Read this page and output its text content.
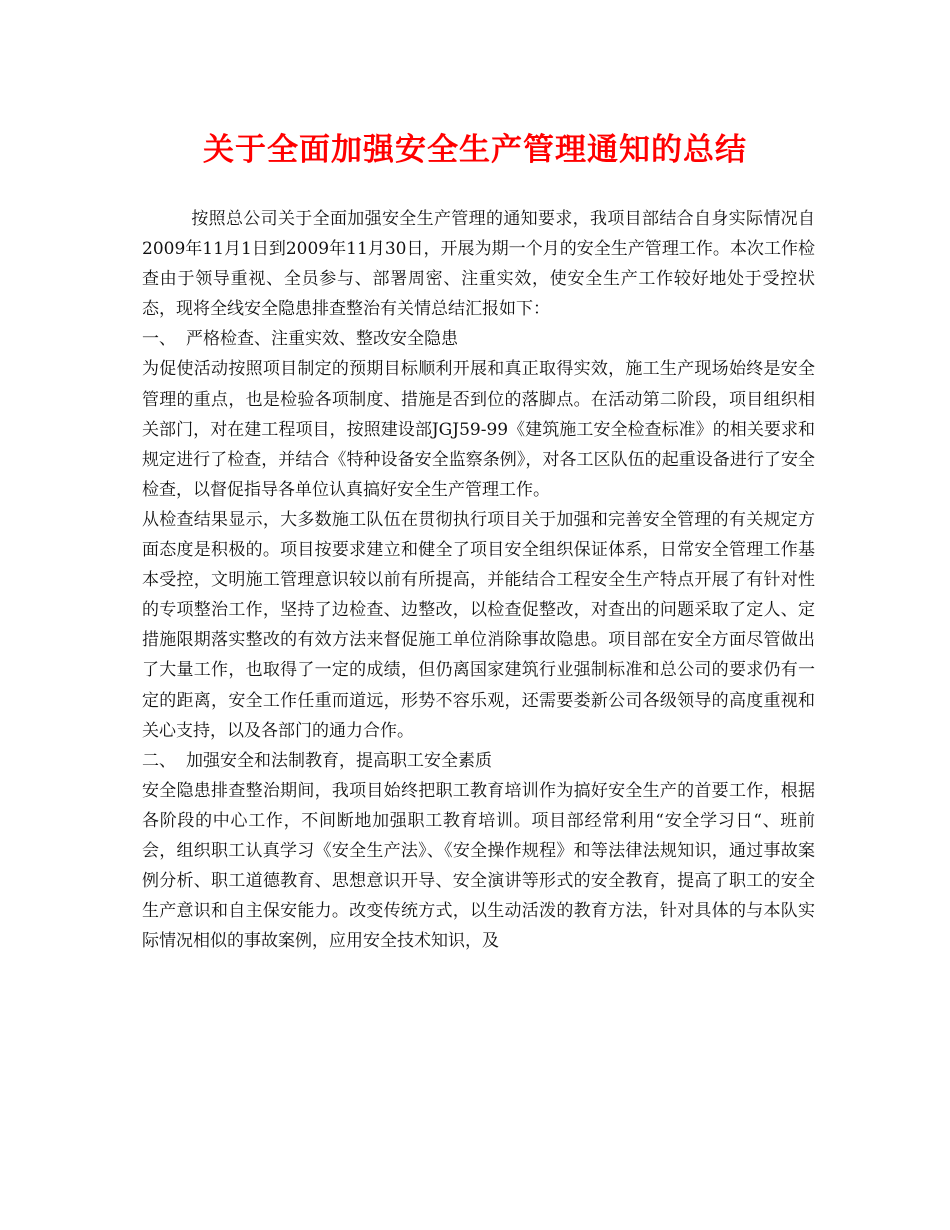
关于全面加强安全生产管理通知的总结

按照总公司关于全面加强安全生产管理的通知要求，我项目部结合自身实际情况自2009年11月1日到2009年11月30日，开展为期一个月的安全生产管理工作。本次工作检查由于领导重视、全员参与、部署周密、注重实效，使安全生产工作较好地处于受控状态，现将全线安全隐患排查整治有关情总结汇报如下：

一、 严格检查、注重实效、整改安全隐患

为促使活动按照项目制定的预期目标顺利开展和真正取得实效，施工生产现场始终是安全管理的重点，也是检验各项制度、措施是否到位的落脚点。在活动第二阶段，项目组织相关部门，对在建工程项目，按照建设部JGJ59-99《建筑施工安全检查标准》的相关要求和规定进行了检查，并结合《特种设备安全监察条例》，对各工区队伍的起重设备进行了安全检查，以督促指导各单位认真搞好安全生产管理工作。

从检查结果显示，大多数施工队伍在贯彻执行项目关于加强和完善安全管理的有关规定方面态度是积极的。项目按要求建立和健全了项目安全组织保证体系，日常安全管理工作基本受控，文明施工管理意识较以前有所提高，并能结合工程安全生产特点开展了有针对性的专项整治工作，坚持了边检查、边整改，以检查促整改，对查出的问题采取了定人、定措施限期落实整改的有效方法来督促施工单位消除事故隐患。项目部在安全方面尽管做出了大量工作，也取得了一定的成绩，但仍离国家建筑行业强制标准和总公司的要求仍有一定的距离，安全工作任重而道远，形势不容乐观，还需要娄新公司各级领导的高度重视和关心支持，以及各部门的通力合作。

二、 加强安全和法制教育，提高职工安全素质

安全隐患排查整治期间，我项目始终把职工教育培训作为搞好安全生产的首要工作，根据各阶段的中心工作，不间断地加强职工教育培训。项目部经常利用“安全学习日“、班前会，组织职工认真学习《安全生产法》、《安全操作规程》和等法律法规知识，通过事故案例分析、职工道德教育、思想意识开导、安全演讲等形式的安全教育，提高了职工的安全生产意识和自主保安能力。改变传统方式，以生动活泼的教育方法，针对具体的与本队实际情况相似的事故案例，应用安全技术知识，及
